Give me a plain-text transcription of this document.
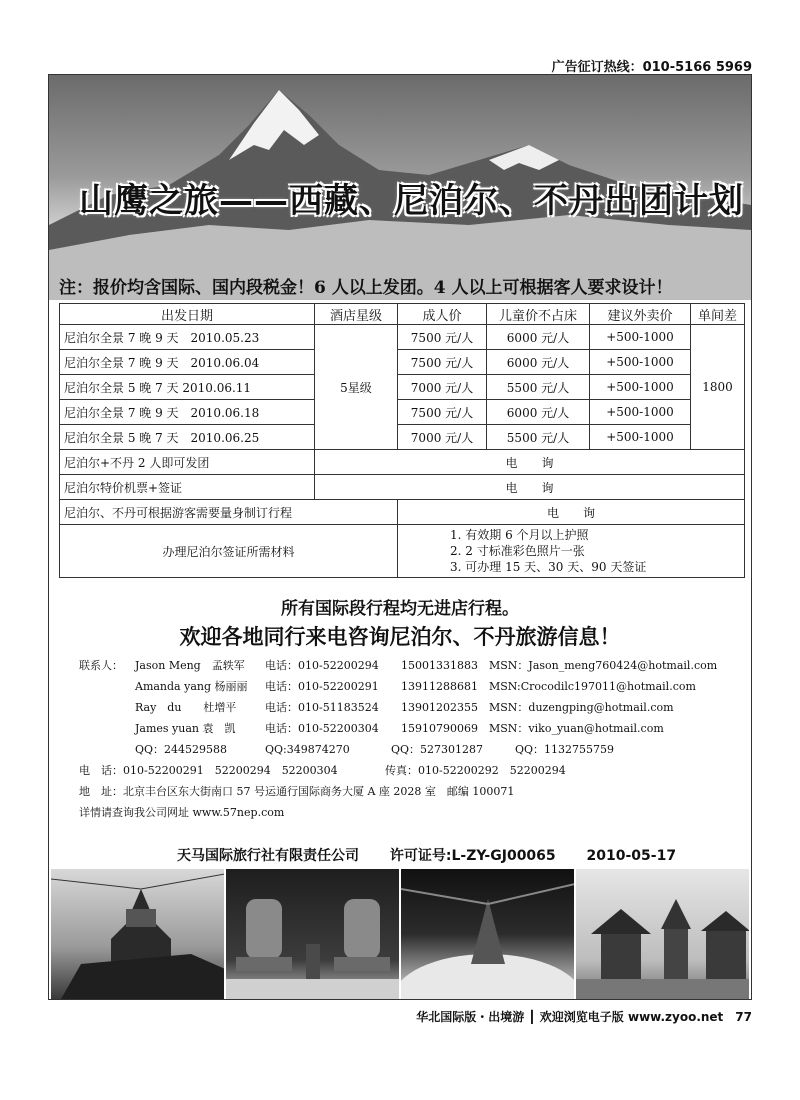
广告征订热线：010-5166 5969
山鹰之旅——西藏、尼泊尔、不丹出团计划
注：报价均含国际、国内段税金！6 人以上发团。4 人以上可根据客人要求设计！
出发日期	酒店星级	成人价	儿童价不占床	建议外卖价	单间差
尼泊尔全景 7 晚 9 天　2010.05.23	5星级	7500 元/人	6000 元/人	+500-1000	1800
尼泊尔全景 7 晚 9 天　2010.06.04		7500 元/人	6000 元/人	+500-1000	
尼泊尔全景 5 晚 7 天 2010.06.11		7000 元/人	5500 元/人	+500-1000	
尼泊尔全景 7 晚 9 天　2010.06.18		7500 元/人	6000 元/人	+500-1000	
尼泊尔全景 5 晚 7 天　2010.06.25		7000 元/人	5500 元/人	+500-1000	
尼泊尔+不丹 2 人即可发团	电　　询				
尼泊尔特价机票+签证	电　　询				
尼泊尔、不丹可根据游客需要量身制订行程		电　　询			
办理尼泊尔签证所需材料		1. 有效期 6 个月以上护照
2. 2 寸标准彩色照片一张
3. 可办理 15 天、30 天、90 天签证			
所有国际段行程均无进店行程。
欢迎各地同行来电咨询尼泊尔、不丹旅游信息！
联系人： Jason Meng　孟轶军 电话：010-52200294 15001331883 MSN：Jason_meng760424@hotmail.com
Amanda yang 杨丽丽 电话：010-52200291 13911288681 MSN:Crocodilc197011@hotmail.com
Ray　du　　杜增平	电话：010-51183524 13901202355 MSN：duzengping@hotmail.com
James yuan 袁　凯	电话：010-52200304 15910790069 MSN：viko_yuan@hotmail.com
QQ：244529588	QQ:349874270	QQ：527301287	QQ：1132755759
电　话：010-52200291　52200294　52200304	传真：010-52200292　52200294
地　址：北京丰台区东大街南口 57 号运通行国际商务大厦 A 座 2028 室　邮编 100071
详情请查询我公司网址 www.57nep.com
天马国际旅行社有限责任公司 许可证号:L-ZY-GJ00065 2010-05-17
华北国际版・出境游 ┃ 欢迎浏览电子版 www.zyoo.net　77
